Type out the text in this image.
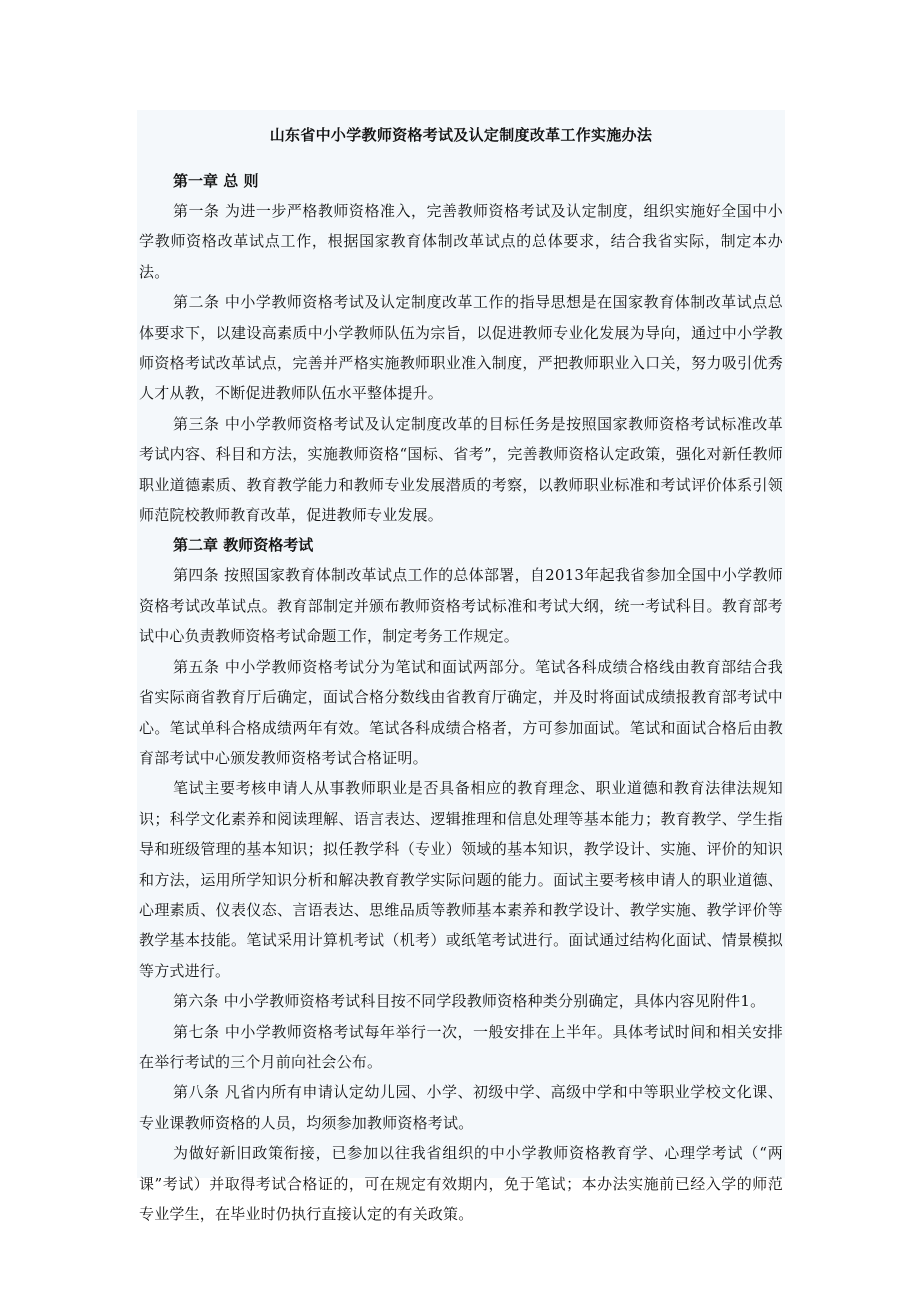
山东省中小学教师资格考试及认定制度改革工作实施办法
第一章 总 则

第一条 为进一步严格教师资格准入，完善教师资格考试及认定制度，组织实施好全国中小学教师资格改革试点工作，根据国家教育体制改革试点的总体要求，结合我省实际，制定本办法。

第二条 中小学教师资格考试及认定制度改革工作的指导思想是在国家教育体制改革试点总体要求下，以建设高素质中小学教师队伍为宗旨，以促进教师专业化发展为导向，通过中小学教师资格考试改革试点，完善并严格实施教师职业准入制度，严把教师职业入口关，努力吸引优秀人才从教，不断促进教师队伍水平整体提升。

第三条 中小学教师资格考试及认定制度改革的目标任务是按照国家教师资格考试标准改革考试内容、科目和方法，实施教师资格“国标、省考”，完善教师资格认定政策，强化对新任教师职业道德素质、教育教学能力和教师专业发展潜质的考察，以教师职业标准和考试评价体系引领师范院校教师教育改革，促进教师专业发展。

第二章 教师资格考试

第四条 按照国家教育体制改革试点工作的总体部署，自2013年起我省参加全国中小学教师资格考试改革试点。教育部制定并颁布教师资格考试标准和考试大纲，统一考试科目。教育部考试中心负责教师资格考试命题工作，制定考务工作规定。

第五条 中小学教师资格考试分为笔试和面试两部分。笔试各科成绩合格线由教育部结合我省实际商省教育厅后确定，面试合格分数线由省教育厅确定，并及时将面试成绩报教育部考试中心。笔试单科合格成绩两年有效。笔试各科成绩合格者，方可参加面试。笔试和面试合格后由教育部考试中心颁发教师资格考试合格证明。

笔试主要考核申请人从事教师职业是否具备相应的教育理念、职业道德和教育法律法规知识；科学文化素养和阅读理解、语言表达、逻辑推理和信息处理等基本能力；教育教学、学生指导和班级管理的基本知识；拟任教学科（专业）领域的基本知识，教学设计、实施、评价的知识和方法，运用所学知识分析和解决教育教学实际问题的能力。面试主要考核申请人的职业道德、心理素质、仪表仪态、言语表达、思维品质等教师基本素养和教学设计、教学实施、教学评价等教学基本技能。笔试采用计算机考试（机考）或纸笔考试进行。面试通过结构化面试、情景模拟等方式进行。

第六条 中小学教师资格考试科目按不同学段教师资格种类分别确定，具体内容见附件1。

第七条 中小学教师资格考试每年举行一次，一般安排在上半年。具体考试时间和相关安排在举行考试的三个月前向社会公布。

第八条 凡省内所有申请认定幼儿园、小学、初级中学、高级中学和中等职业学校文化课、专业课教师资格的人员，均须参加教师资格考试。

为做好新旧政策衔接，已参加以往我省组织的中小学教师资格教育学、心理学考试（“两课”考试）并取得考试合格证的，可在规定有效期内，免于笔试；本办法实施前已经入学的师范专业学生，在毕业时仍执行直接认定的有关政策。
